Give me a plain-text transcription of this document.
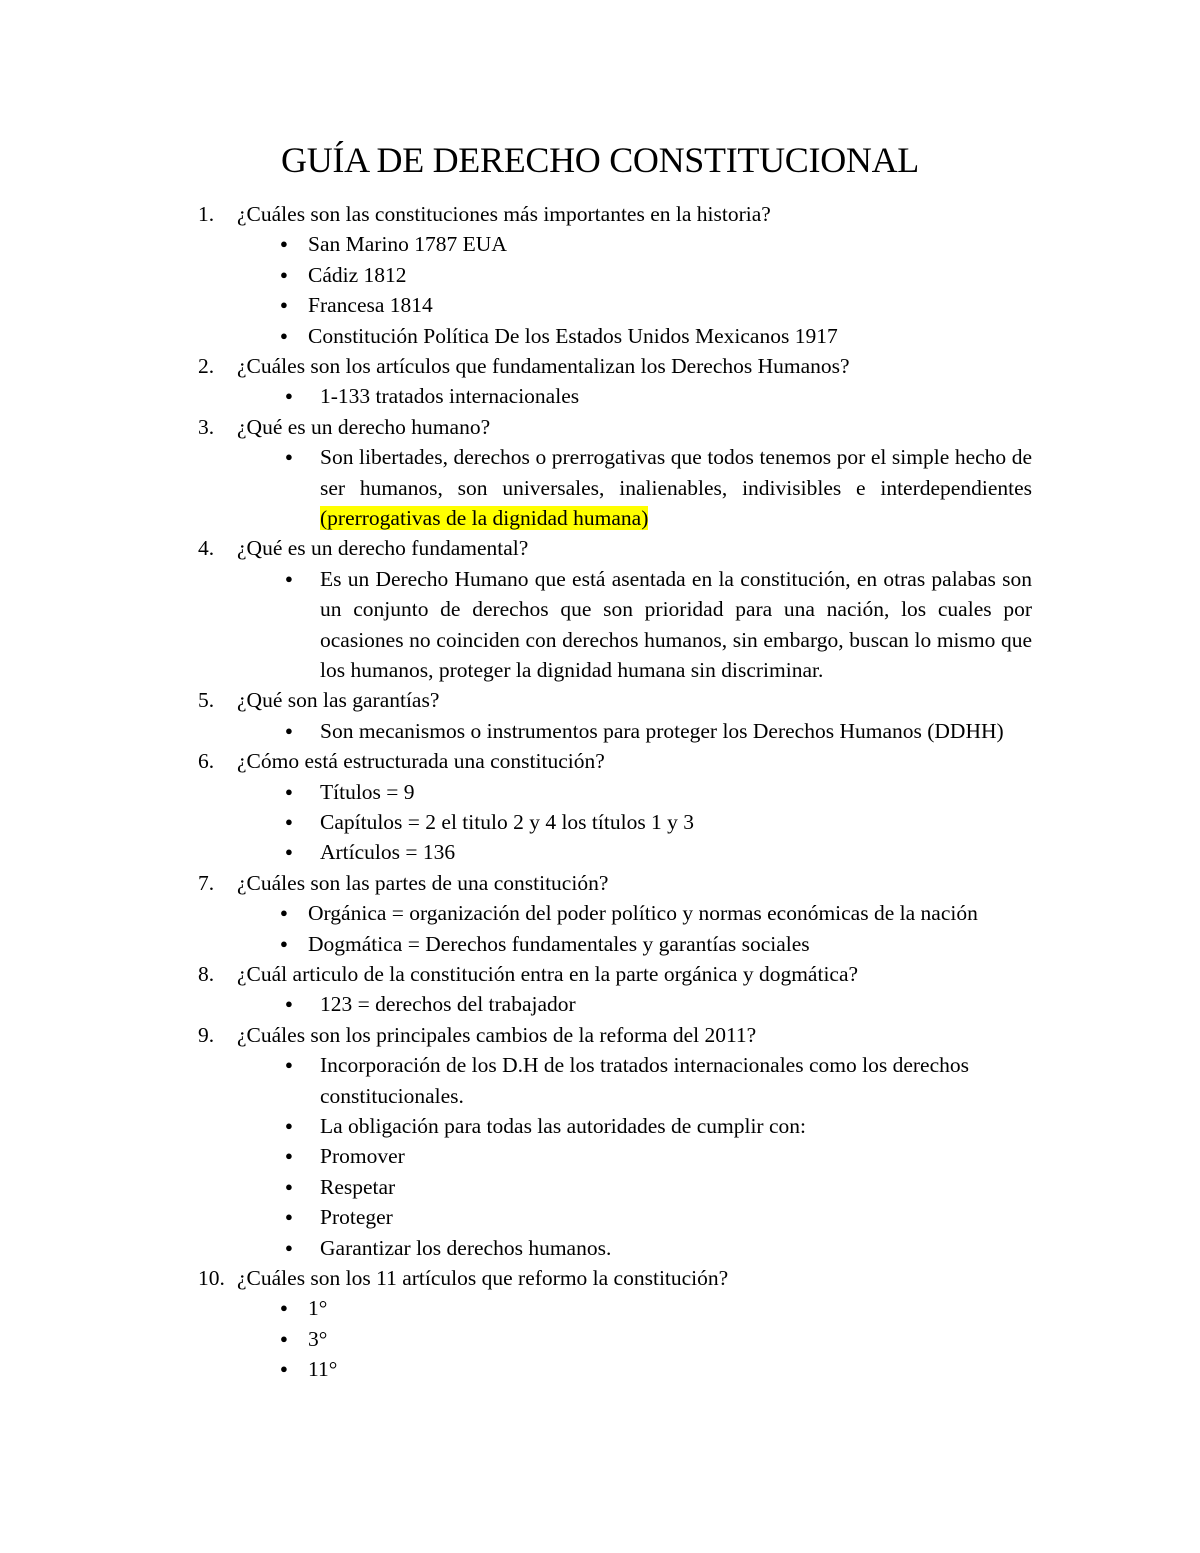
GUÍA DE DERECHO CONSTITUCIONAL
1.	¿Cuáles son las constituciones más importantes en la historia?
● San Marino 1787 EUA
● Cádiz 1812
● Francesa 1814
● Constitución Política De los Estados Unidos Mexicanos 1917
2.	¿Cuáles son los artículos que fundamentalizan los Derechos Humanos?
● 1-133 tratados internacionales
3.	¿Qué es un derecho humano?
● Son libertades, derechos o prerrogativas que todos tenemos por el simple hecho de ser humanos, son universales, inalienables, indivisibles e interdependientes (prerrogativas de la dignidad humana)
4.	¿Qué es un derecho fundamental?
● Es un Derecho Humano que está asentada en la constitución, en otras palabas son un conjunto de derechos que son prioridad para una nación, los cuales por ocasiones no coinciden con derechos humanos, sin embargo, buscan lo mismo que los humanos, proteger la dignidad humana sin discriminar.
5.	¿Qué son las garantías?
● Son mecanismos o instrumentos para proteger los Derechos Humanos (DDHH)
6.	¿Cómo está estructurada una constitución?
● Títulos = 9
● Capítulos = 2 el titulo 2 y 4 los títulos 1 y 3
● Artículos = 136
7.	¿Cuáles son las partes de una constitución?
● Orgánica = organización del poder político y normas económicas de la nación
● Dogmática = Derechos fundamentales y garantías sociales
8.	¿Cuál articulo de la constitución entra en la parte orgánica y dogmática?
● 123 = derechos del trabajador
9.	¿Cuáles son los principales cambios de la reforma del 2011?
● Incorporación de los D.H de los tratados internacionales como los derechos constitucionales.
● La obligación para todas las autoridades de cumplir con:
● Promover
● Respetar
● Proteger
● Garantizar los derechos humanos.
10. ¿Cuáles son los 11 artículos que reformo la constitución?
● 1°
● 3°
● 11°
